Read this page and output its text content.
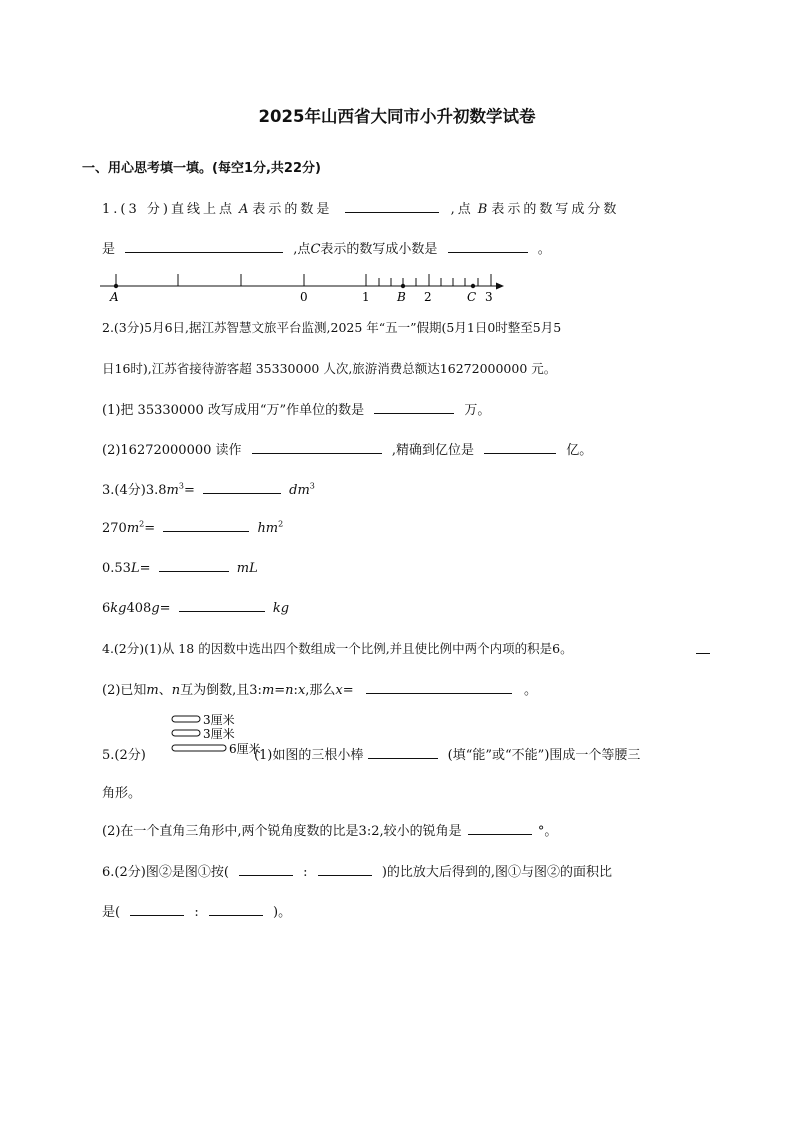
2025年山西省大同市小升初数学试卷
一、用心思考填一填。(每空1分,共22分)
1.(3 分)直线上点 A 表示的数是	,点 B 表示的数写成分数
是	,点C表示的数写成小数是	。
A	0	1 B 2	C 3
2.(3分)5月6日,据江苏智慧文旅平台监测,2025 年“五一”假期(5月1日0时整至5月5
日16时),江苏省接待游客超 35330000 人次,旅游消费总额达16272000000 元。
(1)把 35330000 改写成用“万”作单位的数是	万。
(2)16272000000 读作	,精确到亿位是	亿。
3.(4分)$3.8m^3=$	$dm^3$
$270m^2=$	$hm^2$
0.53L=	mL
6kg408g=	kg
4.(2分)(1)从 18 的因数中选出四个数组成一个比例,并且使比例中两个内项的积是6。
(2)已知m、n互为倒数,且3:m=n:x,那么x=	。
3厘米
3厘米
6厘米
5.(2分)	(1)如图的三根小棒	(填“能”或“不能”)围成一个等腰三
角形。
(2)在一个直角三角形中,两个锐角度数的比是3:2,较小的锐角是	°。
6.(2分)图②是图①按(	:	)的比放大后得到的,图①与图②的面积比
是(	:	)。
